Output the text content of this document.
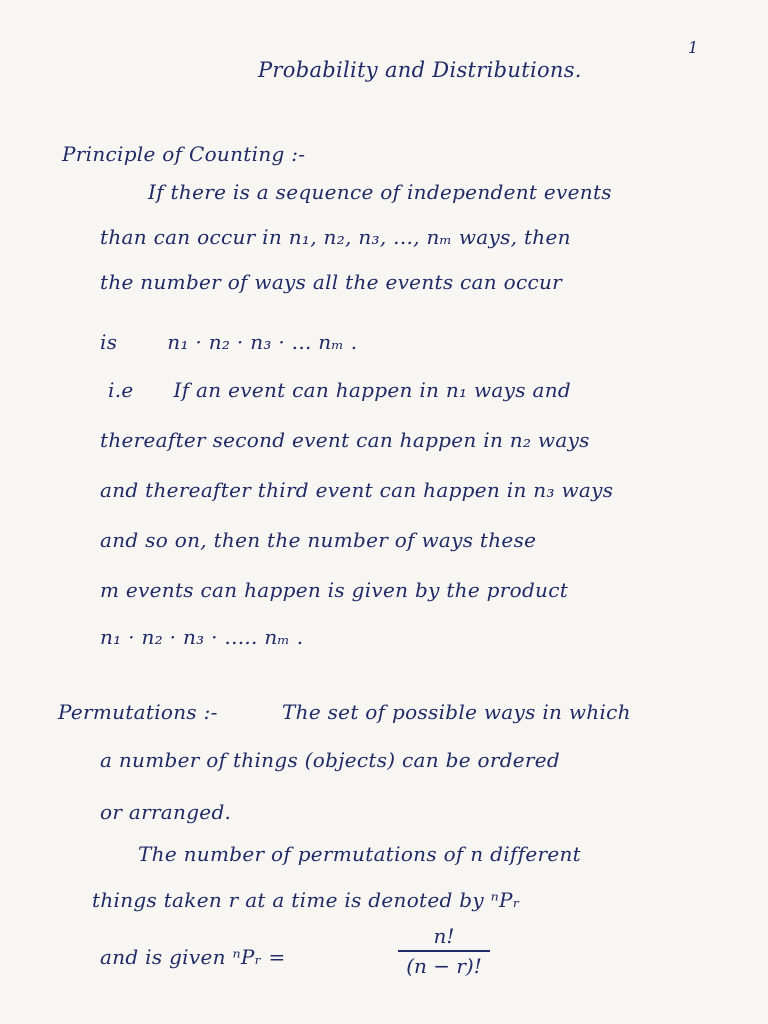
1
Probability and Distributions.
Principle of Counting :-
If there is a sequence of independent events
than can occur in n₁, n₂, n₃, ..., nₘ ways, then
the number of ways all the events can occur
is	n₁ · n₂ · n₃ · ... nₘ .
i.e If an event can happen in n₁ ways and
thereafter second event can happen in n₂ ways
and thereafter third event can happen in n₃ ways
and so on, then the number of ways these
m events can happen is given by the product
n₁ · n₂ · n₃ · ..... nₘ .
Permutations :-	The set of possible ways in which
a number of things (objects) can be ordered
or arranged.
The number of permutations of n different
things taken r at a time is denoted by ⁿPᵣ
and is given ⁿPᵣ =
n!
(n − r)!
